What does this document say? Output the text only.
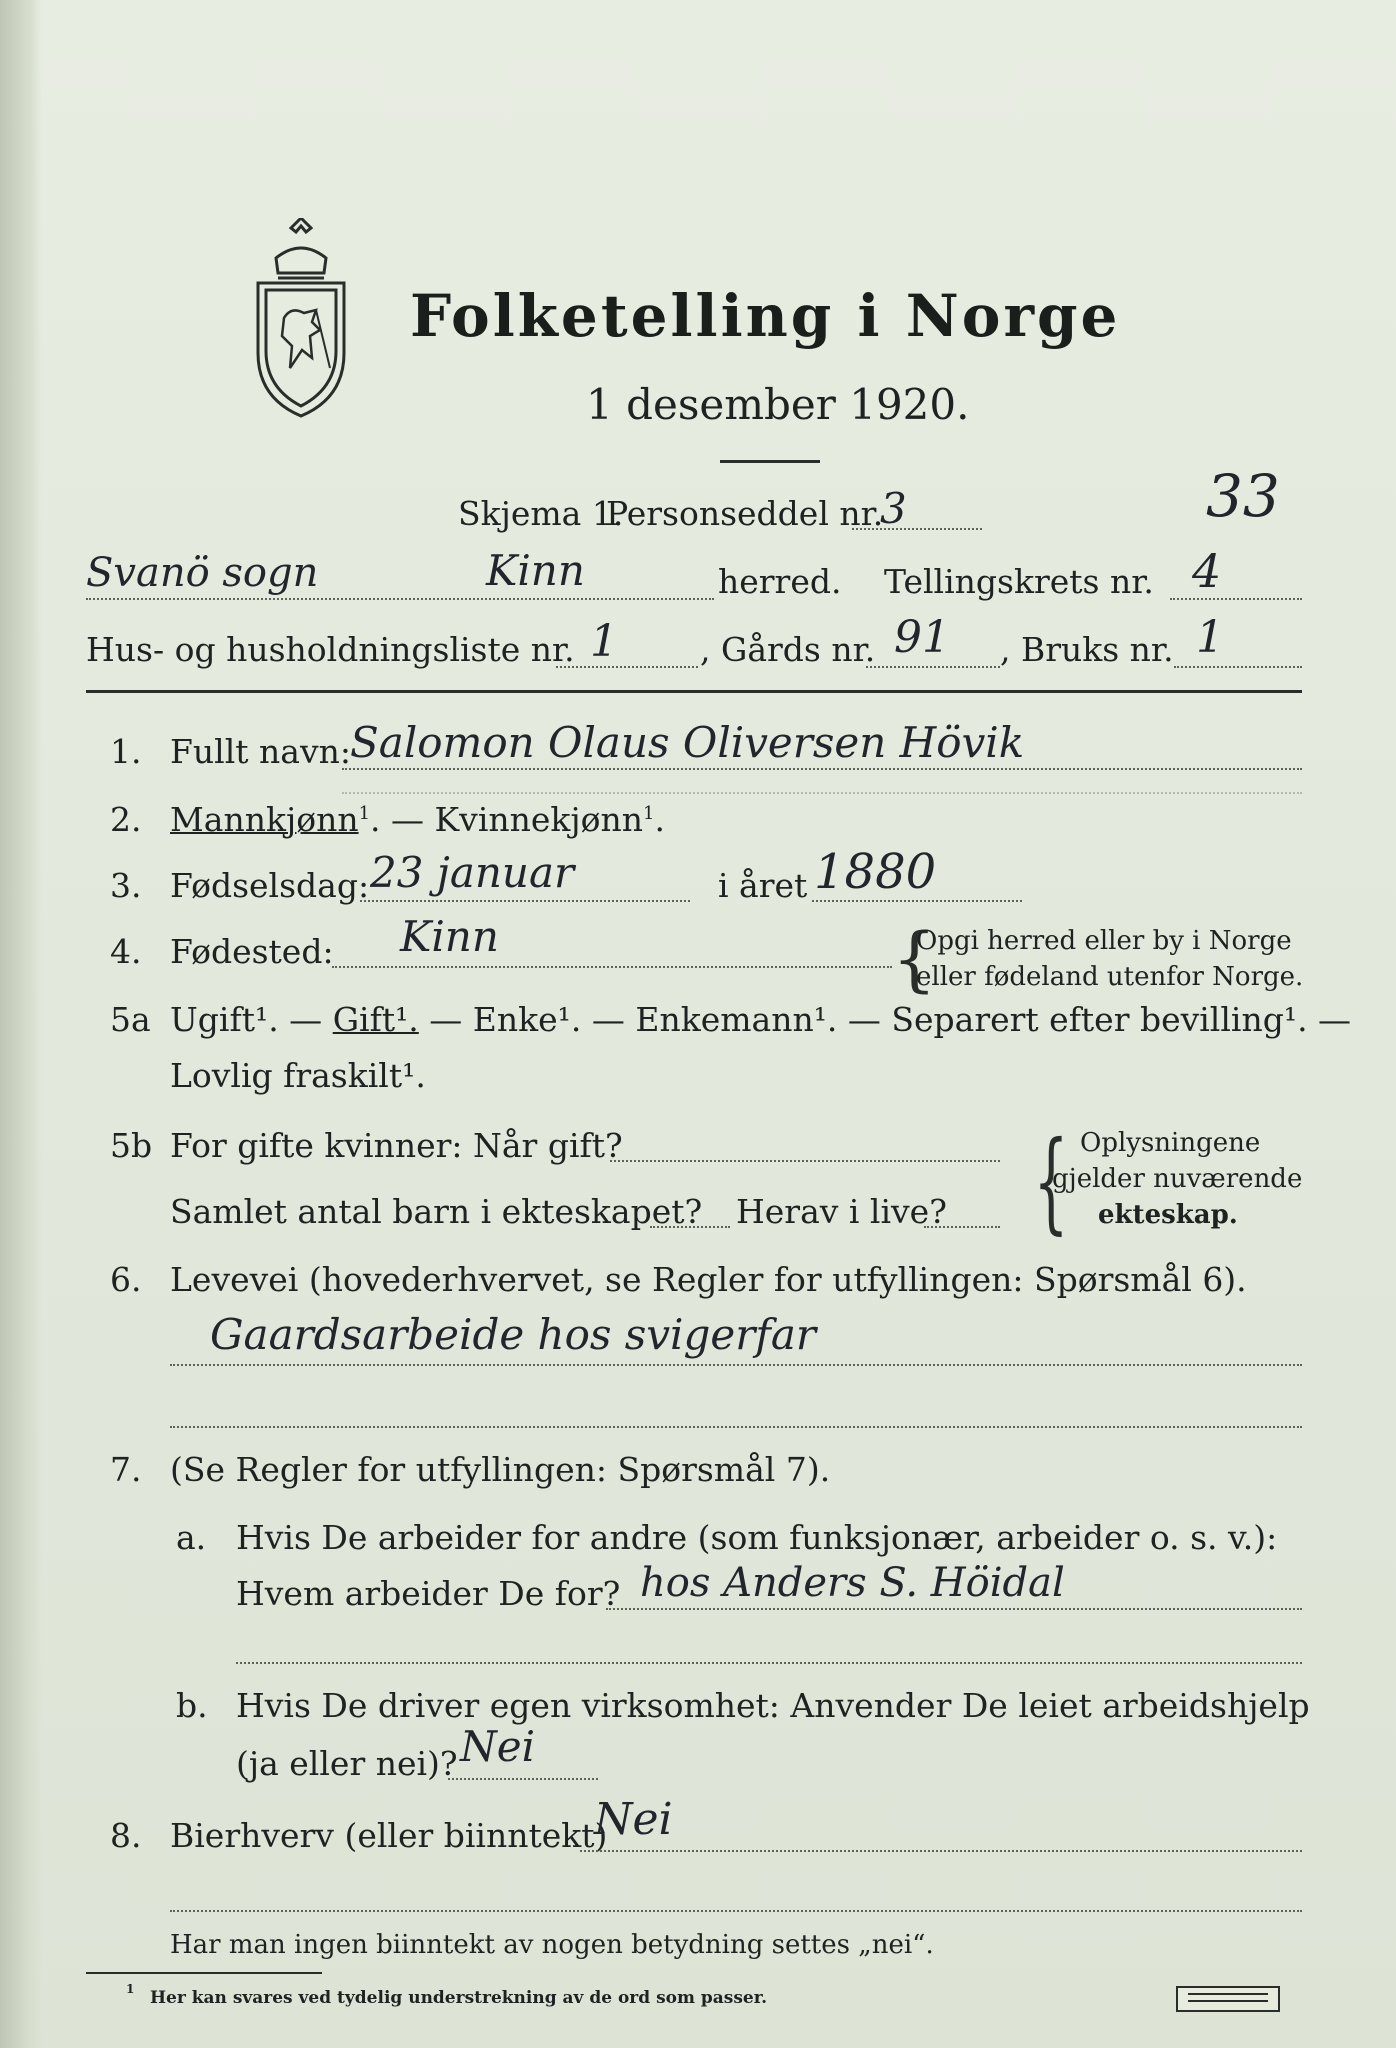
Folketelling i Norge
1 desember 1920.
Skjema 1.
Personseddel nr.
3	33
Svanö sogn	Kinn	herred. Tellingskrets nr. 4
Hus- og husholdningsliste nr. 1 , Gårds nr. 91 , Bruks nr. 1
1. Fullt navn: Salomon Olaus Oliversen Hövik
2. Mannkjønn$^1$. — Kvinnekjønn$^1$.
3. Fødselsdag: 23 januar	i året 1880
4. Fødested: Kinn	{
Opgi herred eller by i Norge
eller fødeland utenfor Norge.
5a Ugift¹. — Gift¹. — Enke¹. — Enkemann¹. — Separert efter bevilling¹. —
Lovlig fraskilt¹.
5b For gifte kvinner: Når gift?
Samlet antal barn i ekteskapet? Herav i live? { Oplysningene
gjelder nuværende
ekteskap.
6. Levevei (hovederhvervet, se Regler for utfyllingen: Spørsmål 6).
Gaardsarbeide hos svigerfar
7. (Se Regler for utfyllingen: Spørsmål 7).
a. Hvis De arbeider for andre (som funksjonær, arbeider o. s. v.):
Hvem arbeider De for? hos Anders S. Höidal
b. Hvis De driver egen virksomhet: Anvender De leiet arbeidshjelp
(ja eller nei)? Nei
8. Bierhverv (eller biinntekt)
Nei
Har man ingen biinntekt av nogen betydning settes „nei“.
1 Her kan svares ved tydelig understrekning av de ord som passer.
